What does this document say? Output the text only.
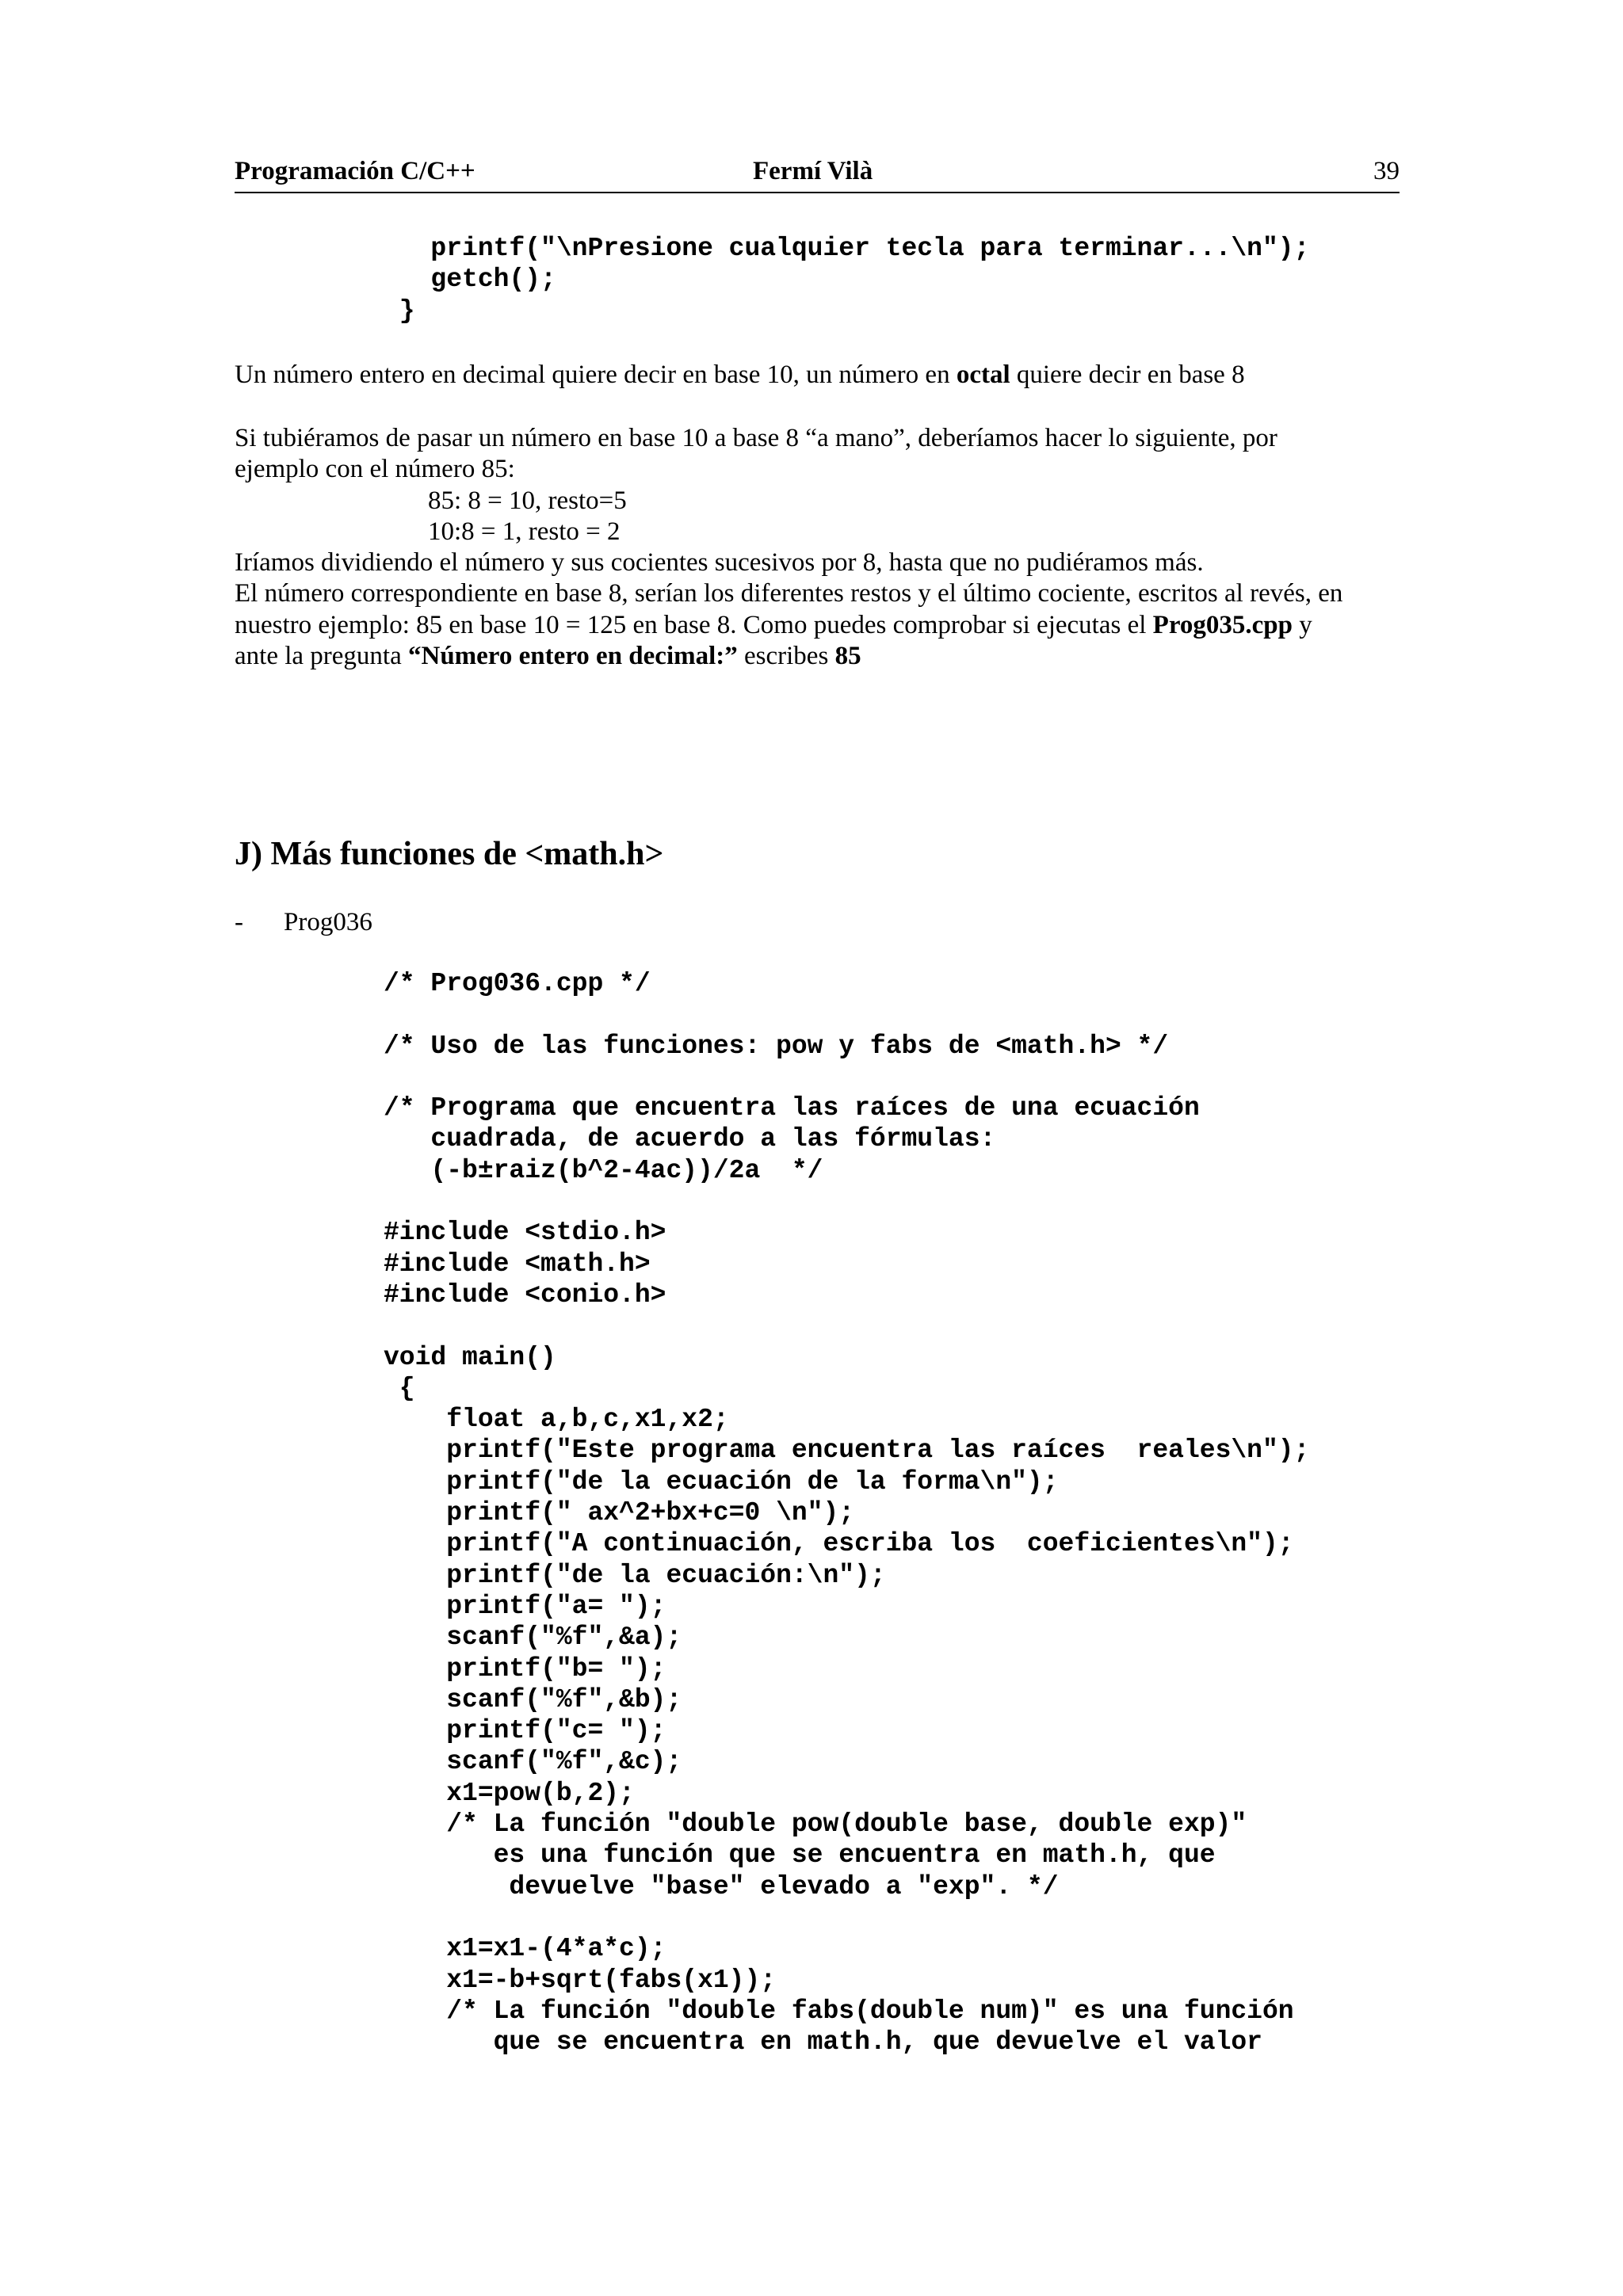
Programación C/C++	Fermí Vilà	39
printf("\nPresione cualquier tecla para terminar...\n");
getch();
}
Un número entero en decimal quiere decir en base 10, un número en octal quiere decir en base 8
Si tubiéramos de pasar un número en base 10 a base 8 “a mano”, deberíamos hacer lo siguiente, por
ejemplo con el número 85:
85: 8 = 10, resto=5
10:8 = 1, resto = 2
Iríamos dividiendo el número y sus cocientes sucesivos por 8, hasta que no pudiéramos más.
El número correspondiente en base 8, serían los diferentes restos y el último cociente, escritos al revés, en
nuestro ejemplo: 85 en base 10 = 125 en base 8. Como puedes comprobar si ejecutas el Prog035.cpp y
ante la pregunta “Número entero en decimal:” escribes 85
J) Más funciones de <math.h>
- Prog036
/* Prog036.cpp */
/* Uso de las funciones: pow y fabs de <math.h> */
/* Programa que encuentra las raíces de una ecuación
cuadrada, de acuerdo a las fórmulas:
(-b±raiz(b^2-4ac))/2a  */
#include <stdio.h>
#include <math.h>
#include <conio.h>
void main()
{
float a,b,c,x1,x2;
printf("Este programa encuentra las raíces  reales\n");
printf("de la ecuación de la forma\n");
printf(" ax^2+bx+c=0 \n");
printf("A continuación, escriba los  coeficientes\n");
printf("de la ecuación:\n");
printf("a= ");
scanf("%f",&a);
printf("b= ");
scanf("%f",&b);
printf("c= ");
scanf("%f",&c);
x1=pow(b,2);
/* La función "double pow(double base, double exp)"
es una función que se encuentra en math.h, que
devuelve "base" elevado a "exp". */
x1=x1-(4*a*c);
x1=-b+sqrt(fabs(x1));
/* La función "double fabs(double num)" es una función
que se encuentra en math.h, que devuelve el valor
